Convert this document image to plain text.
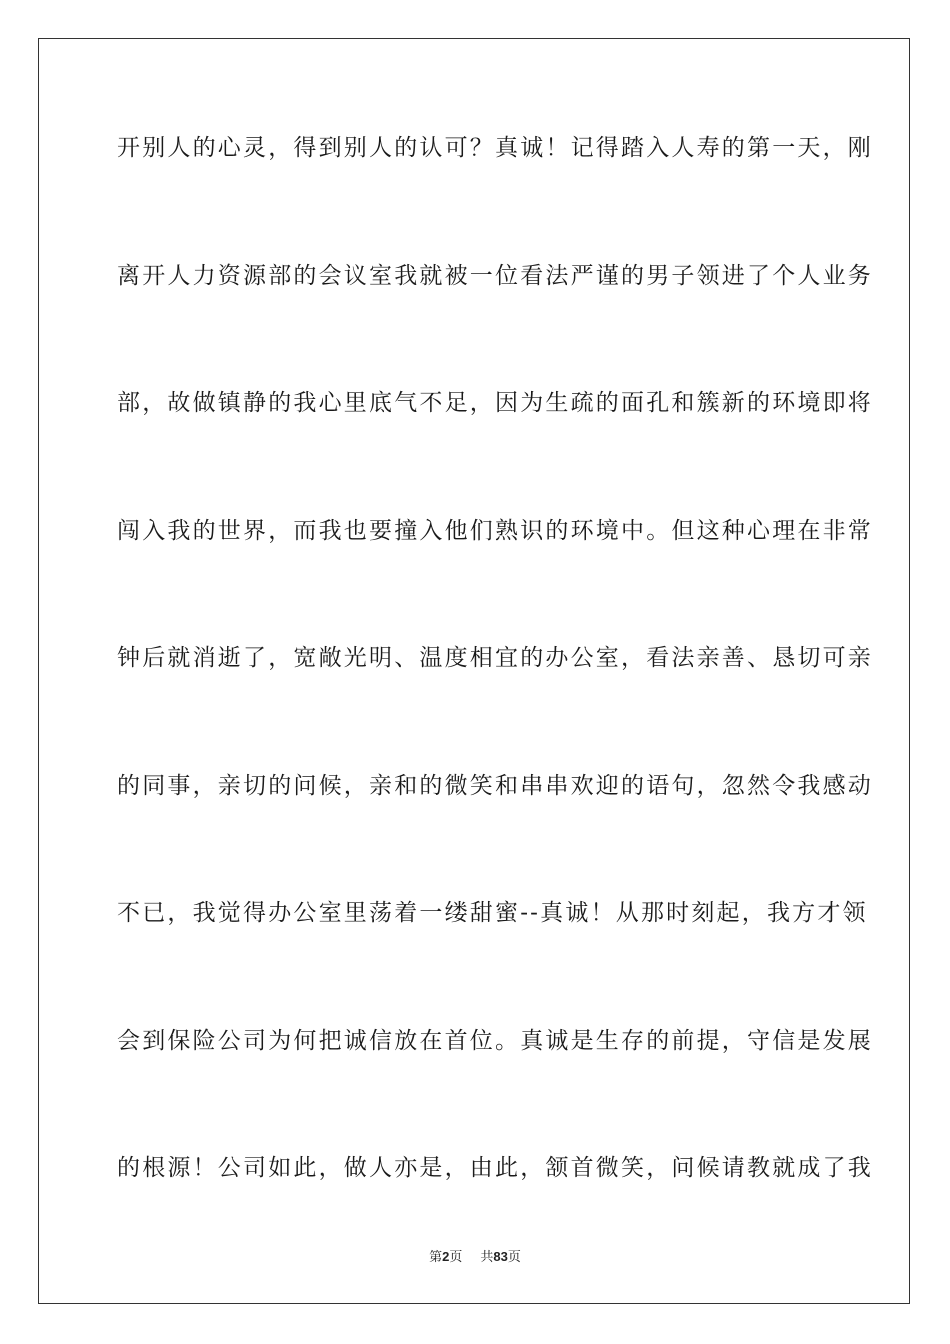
开别人的心灵，得到别人的认可？真诚！记得踏入人寿的第一天，刚
离开人力资源部的会议室我就被一位看法严谨的男子领进了个人业务
部，故做镇静的我心里底气不足，因为生疏的面孔和簇新的环境即将
闯入我的世界，而我也要撞入他们熟识的环境中。但这种心理在非常
钟后就消逝了，宽敞光明、温度相宜的办公室，看法亲善、恳切可亲
的同事，亲切的问候，亲和的微笑和串串欢迎的语句，忽然令我感动
不已，我觉得办公室里荡着一缕甜蜜--真诚！从那时刻起，我方才领
会到保险公司为何把诚信放在首位。真诚是生存的前提，守信是发展
的根源！公司如此，做人亦是，由此，颔首微笑，问候请教就成了我
第2页 共83页
